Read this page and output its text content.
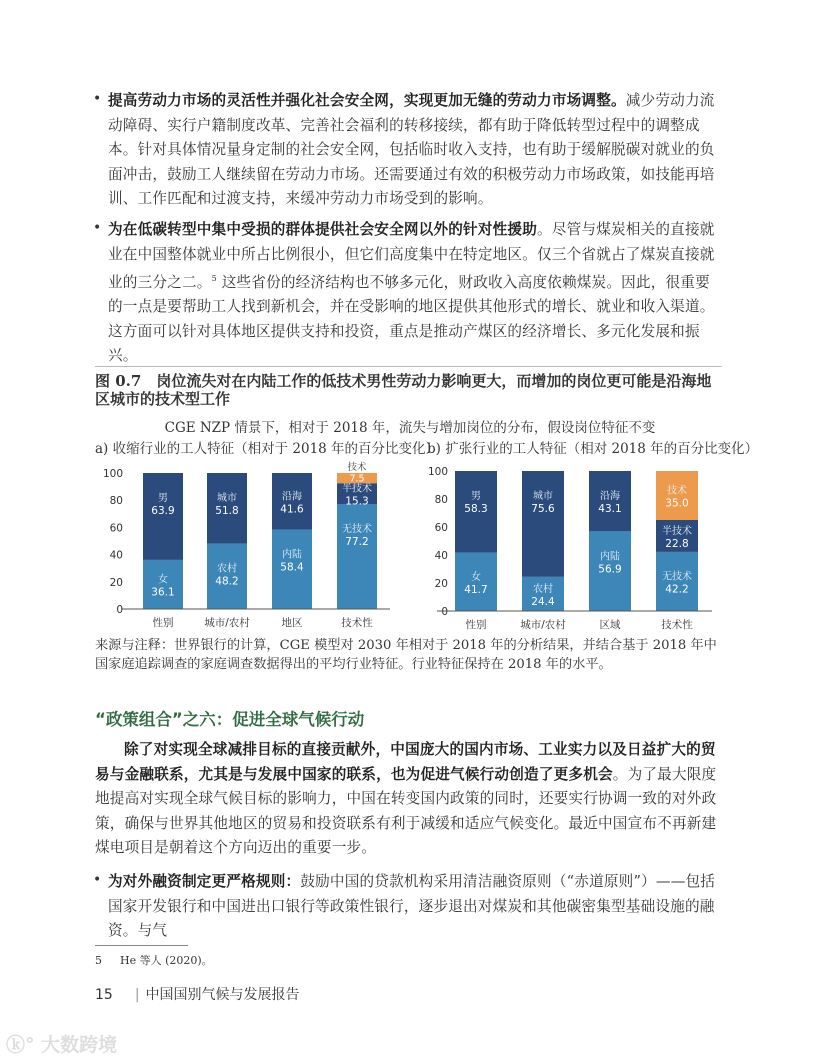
• 提高劳动力市场的灵活性并强化社会安全网，实现更加无缝的劳动力市场调整。减少劳动力流动障碍、实行户籍制度改革、完善社会福利的转移接续，都有助于降低转型过程中的调整成本。针对具体情况量身定制的社会安全网，包括临时收入支持，也有助于缓解脱碳对就业的负面冲击，鼓励工人继续留在劳动力市场。还需要通过有效的积极劳动力市场政策，如技能再培训、工作匹配和过渡支持，来缓冲劳动力市场受到的影响。
• 为在低碳转型中集中受损的群体提供社会安全网以外的针对性援助。尽管与煤炭相关的直接就业在中国整体就业中所占比例很小，但它们高度集中在特定地区。仅三个省就占了煤炭直接就业的三分之二。$^5$ 这些省份的经济结构也不够多元化，财政收入高度依赖煤炭。因此，很重要的一点是要帮助工人找到新机会，并在受影响的地区提供其他形式的增长、就业和收入渠道。这方面可以针对具体地区提供支持和投资，重点是推动产煤区的经济增长、多元化发展和振兴。
图 0.7　岗位流失对在内陆工作的低技术男性劳动力影响更大，而增加的岗位更可能是沿海地区城市的技术型工作
CGE NZP 情景下，相对于 2018 年，流失与增加岗位的分布，假设岗位特征不变
a) 收缩行业的工人特征（相对于 2018 年的百分比变化）
b) 扩张行业的工人特征（相对 2018 年的百分比变化）
0
20
40
60
80
100
女
36.1
男
63.9
性别
农村
48.2
城市
51.8
城市/农村
内陆
58.4
沿海
41.6
地区
无技术
77.2
半技术
15.3
技术
7.5
技术性
0
20
40
60
80
100
女
41.7
男
58.3
性别
农村
24.4
城市
75.6
城市/农村
内陆
56.9
沿海
43.1
区域
无技术
42.2
半技术
22.8
技术
35.0
技术性
来源与注释：世界银行的计算，CGE 模型对 2030 年相对于 2018 年的分析结果，并结合基于 2018 年中国家庭追踪调查的家庭调查数据得出的平均行业特征。行业特征保持在 2018 年的水平。
“政策组合”之六：促进全球气候行动
除了对实现全球减排目标的直接贡献外，中国庞大的国内市场、工业实力以及日益扩大的贸易与金融联系，尤其是与发展中国家的联系，也为促进气候行动创造了更多机会。为了最大限度地提高对实现全球气候目标的影响力，中国在转变国内政策的同时，还要实行协调一致的对外政策，确保与世界其他地区的贸易和投资联系有利于减缓和适应气候变化。最近中国宣布不再新建煤电项目是朝着这个方向迈出的重要一步。
• 为对外融资制定更严格规则：鼓励中国的贷款机构采用清洁融资原则（“赤道原则”）——包括国家开发银行和中国进出口银行等政策性银行，逐步退出对煤炭和其他碳密集型基础设施的融资。与气
5 He 等人 (2020)。
15 | 中国国别气候与发展报告
ⓚ° 大数跨境
